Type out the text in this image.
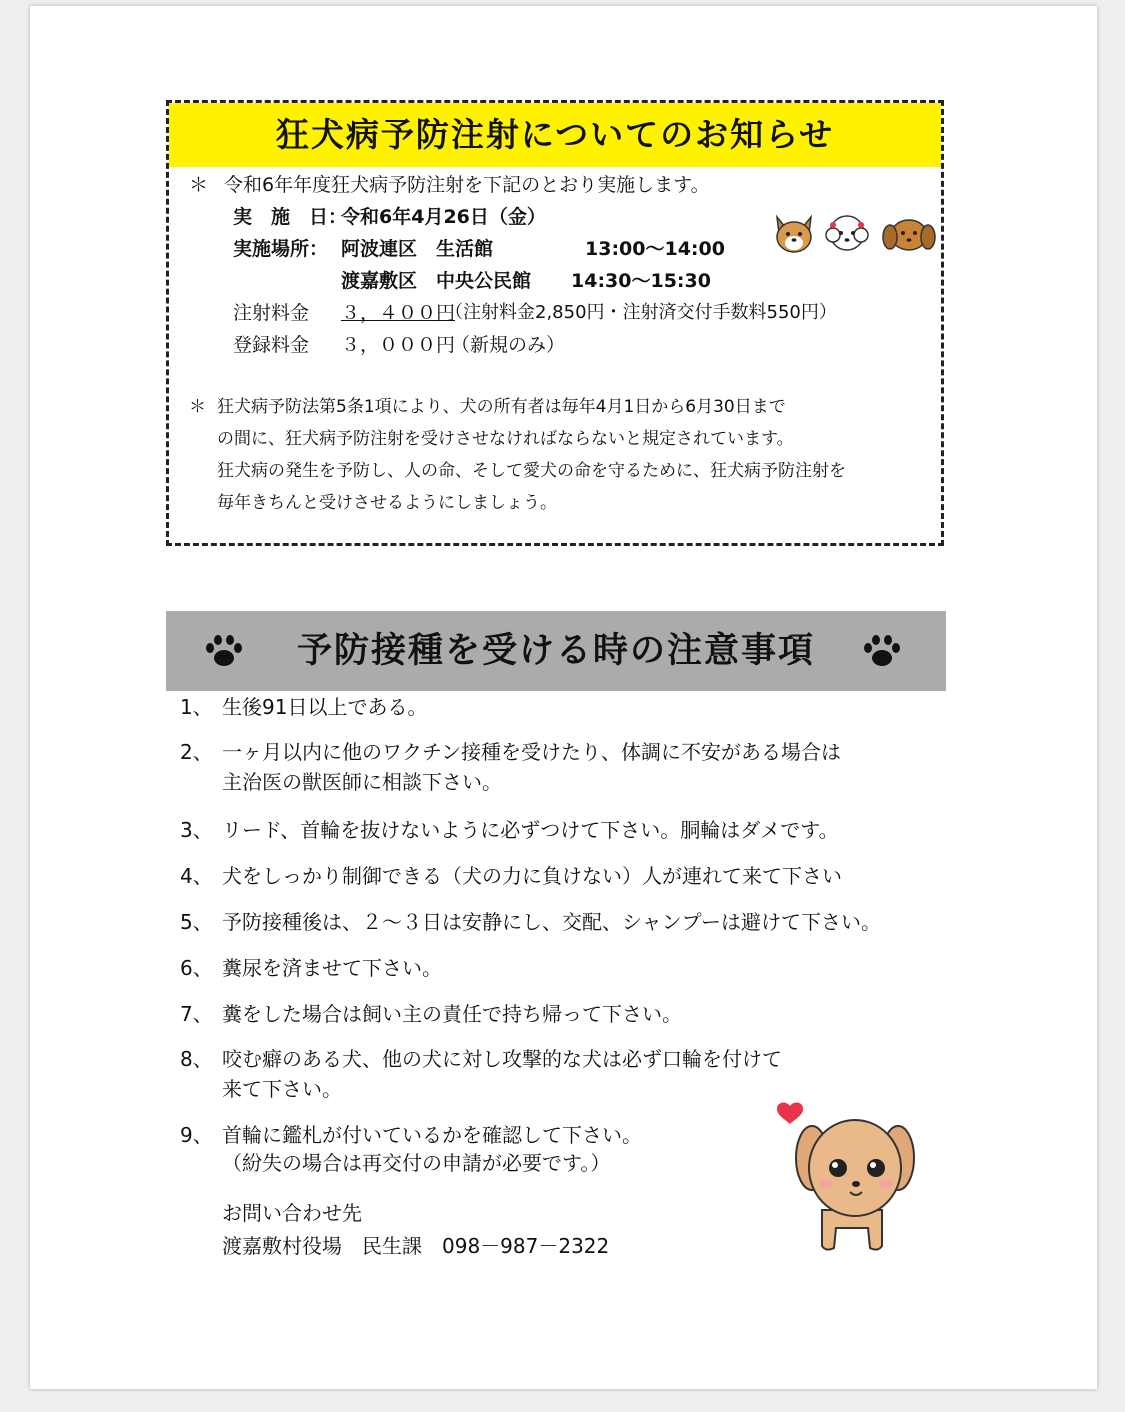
狂犬病予防注射についてのお知らせ
＊ 令和6年年度狂犬病予防注射を下記のとおり実施します。
実　施　日：
令和6年4月26日（金）
実施場所： 阿波連区　生活館	13:00～14:00
渡嘉敷区　中央公民館 14:30～15:30
注射料金 ３，４００円
（注射料金2,850円・注射済交付手数料550円）
登録料金 ３，０００円
（新規のみ）
＊ 狂犬病予防法第5条1項により、犬の所有者は毎年4月1日から6月30日まで
の間に、狂犬病予防注射を受けさせなければならないと規定されています。
狂犬病の発生を予防し、人の命、そして愛犬の命を守るために、狂犬病予防注射を
毎年きちんと受けさせるようにしましょう。
予防接種を受ける時の注意事項
1、 生後91日以上である。
2、 一ヶ月以内に他のワクチン接種を受けたり、体調に不安がある場合は
主治医の獣医師に相談下さい。
3、 リード、首輪を抜けないように必ずつけて下さい。胴輪はダメです。
4、 犬をしっかり制御できる（犬の力に負けない）人が連れて来て下さい
5、 予防接種後は、２～３日は安静にし、交配、シャンプーは避けて下さい。
6、 糞尿を済ませて下さい。
7、 糞をした場合は飼い主の責任で持ち帰って下さい。
8、 咬む癖のある犬、他の犬に対し攻撃的な犬は必ず口輪を付けて
来て下さい。
9、 首輪に鑑札が付いているかを確認して下さい。
（紛失の場合は再交付の申請が必要です。）
お問い合わせ先
渡嘉敷村役場　民生課　098－987－2322
